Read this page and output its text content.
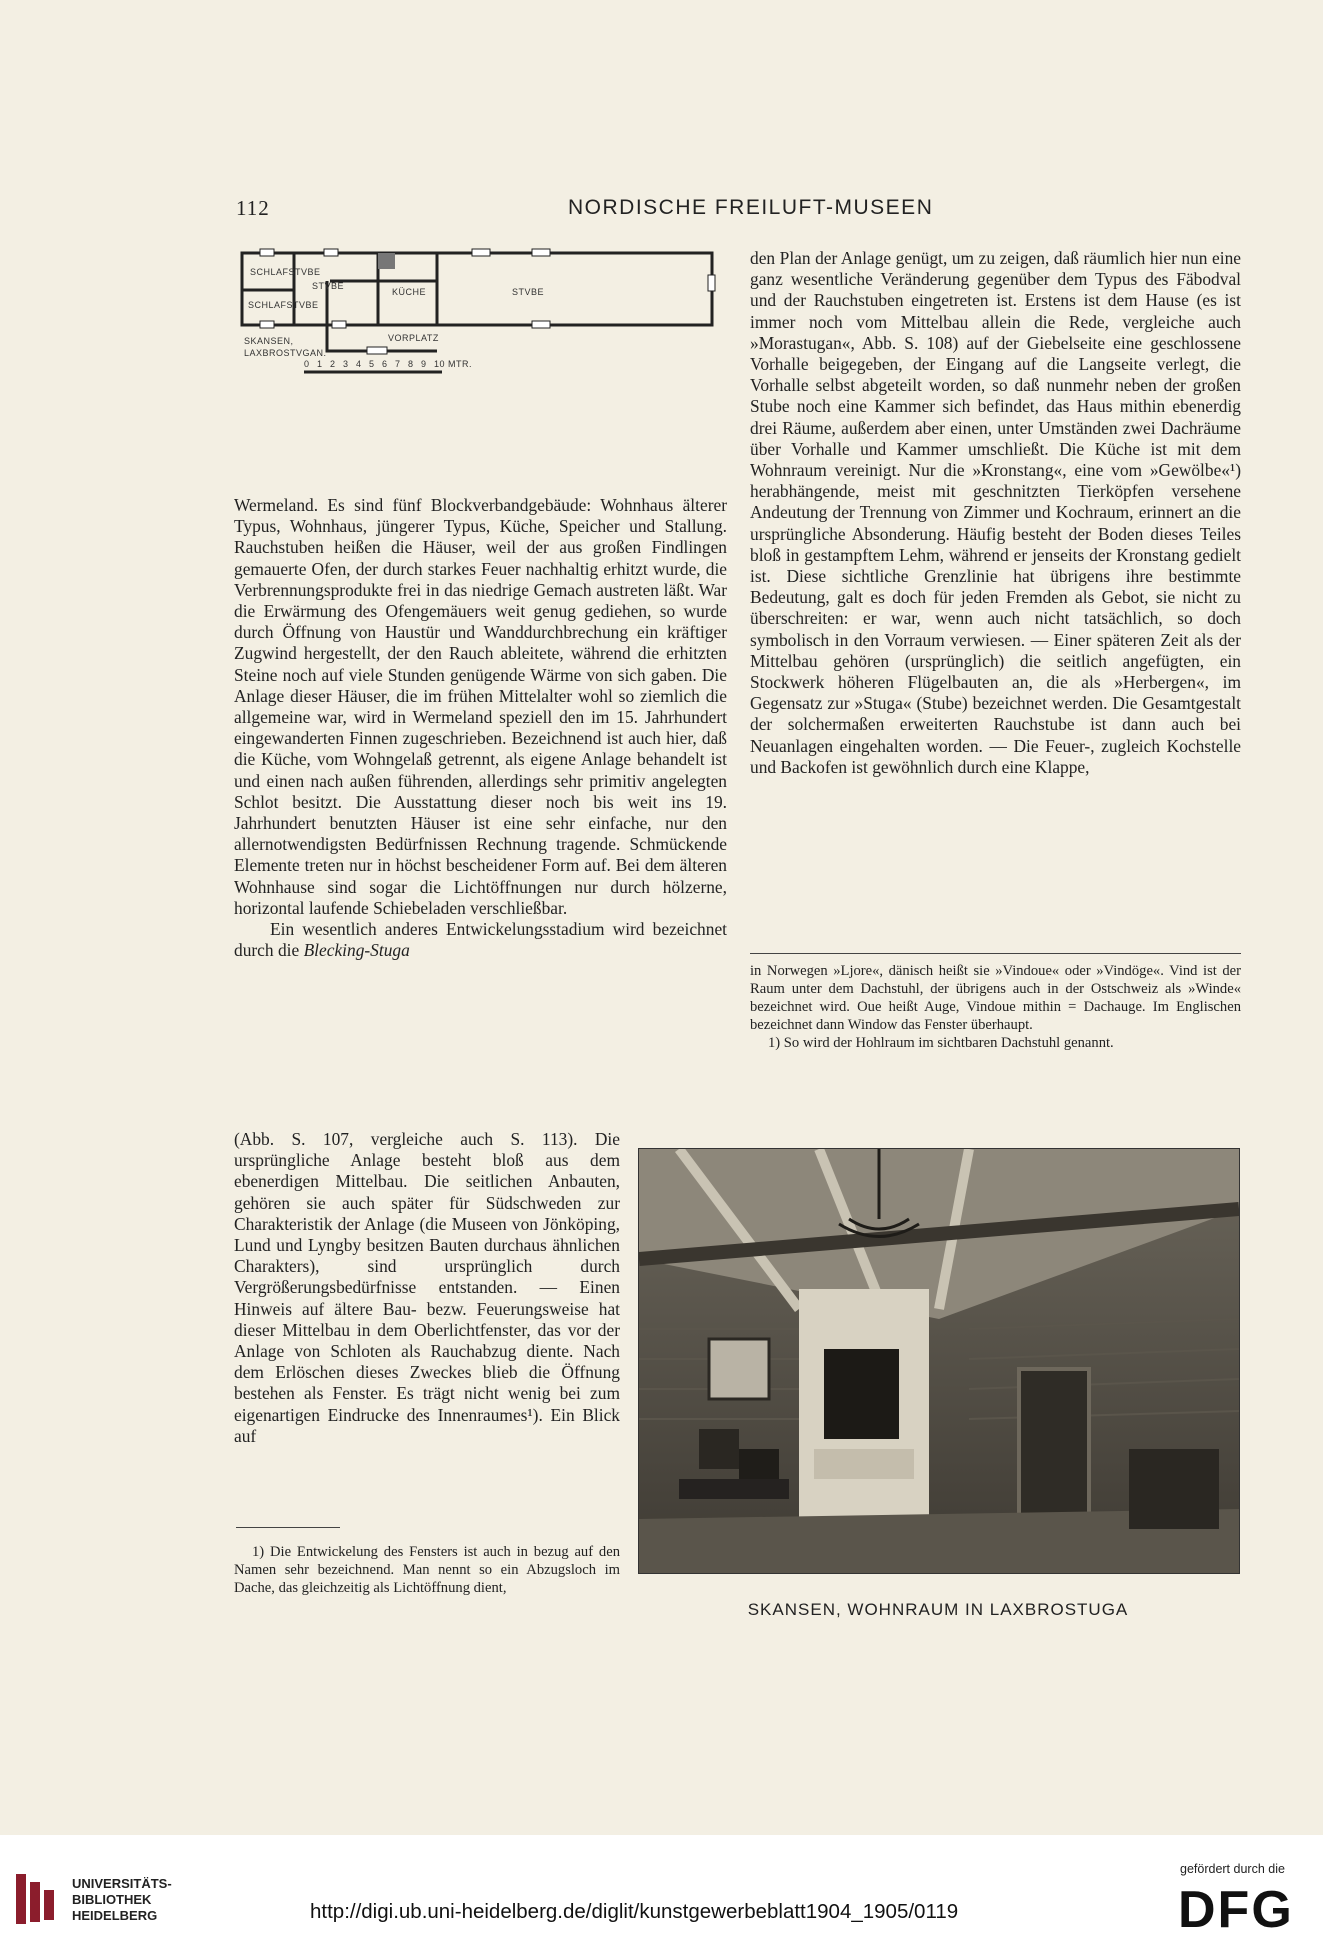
112	NORDISCHE FREILUFT-MUSEEN
SCHLAFSTVBE
SCHLAFSTVBE
STVBE
KÜCHE	STVBE
VORPLATZ
SKANSEN,
LAXBROSTVGAN.
0 1 2 3 4 5 6 7 8 9 10 MTR.

Wermeland. Es sind fünf Blockverbandgebäude: Wohnhaus älterer Typus, Wohnhaus, jüngerer Typus, Küche, Speicher und Stallung. Rauchstuben heißen die Häuser, weil der aus großen Findlingen gemauerte Ofen, der durch starkes Feuer nachhaltig erhitzt wurde, die Verbrennungsprodukte frei in das niedrige Gemach austreten läßt. War die Erwärmung des Ofengemäuers weit genug gediehen, so wurde durch Öffnung von Haustür und Wanddurchbrechung ein kräftiger Zugwind hergestellt, der den Rauch ableitete, während die erhitzten Steine noch auf viele Stunden genügende Wärme von sich gaben. Die Anlage dieser Häuser, die im frühen Mittelalter wohl so ziemlich die allgemeine war, wird in Wermeland speziell den im 15. Jahrhundert eingewanderten Finnen zugeschrieben. Bezeichnend ist auch hier, daß die Küche, vom Wohngelaß getrennt, als eigene Anlage behandelt ist und einen nach außen führenden, allerdings sehr primitiv angelegten Schlot besitzt. Die Ausstattung dieser noch bis weit ins 19. Jahrhundert benutzten Häuser ist eine sehr einfache, nur den allernotwendigsten Bedürfnissen Rechnung tragende. Schmückende Elemente treten nur in höchst bescheidener Form auf. Bei dem älteren Wohnhause sind sogar die Lichtöffnungen nur durch hölzerne, horizontal laufende Schiebeladen verschließbar.

Ein wesentlich anderes Entwickelungsstadium wird bezeichnet durch die Blecking-Stuga

(Abb. S. 107, vergleiche auch S. 113). Die ursprüngliche Anlage besteht bloß aus dem ebenerdigen Mittelbau. Die seitlichen Anbauten, gehören sie auch später für Südschweden zur Charakteristik der Anlage (die Museen von Jönköping, Lund und Lyngby besitzen Bauten durchaus ähnlichen Charakters), sind ursprünglich durch Vergrößerungsbedürfnisse entstanden. — Einen Hinweis auf ältere Bau- bezw. Feuerungsweise hat dieser Mittelbau in dem Oberlichtfenster, das vor der Anlage von Schloten als Rauchabzug diente. Nach dem Erlöschen dieses Zweckes blieb die Öffnung bestehen als Fenster. Es trägt nicht wenig bei zum eigenartigen Eindrucke des Innenraumes¹). Ein Blick auf

1) Die Entwickelung des Fensters ist auch in bezug auf den Namen sehr bezeichnend. Man nennt so ein Abzugsloch im Dache, das gleichzeitig als Lichtöffnung dient,

den Plan der Anlage genügt, um zu zeigen, daß räumlich hier nun eine ganz wesentliche Veränderung gegenüber dem Typus des Fäbodval und der Rauchstuben eingetreten ist. Erstens ist dem Hause (es ist immer noch vom Mittelbau allein die Rede, vergleiche auch »Morastugan«, Abb. S. 108) auf der Giebelseite eine geschlossene Vorhalle beigegeben, der Eingang auf die Langseite verlegt, die Vorhalle selbst abgeteilt worden, so daß nunmehr neben der großen Stube noch eine Kammer sich befindet, das Haus mithin ebenerdig drei Räume, außerdem aber einen, unter Umständen zwei Dachräume über Vorhalle und Kammer umschließt. Die Küche ist mit dem Wohnraum vereinigt. Nur die »Kronstang«, eine vom »Gewölbe«¹) herabhängende, meist mit geschnitzten Tierköpfen versehene Andeutung der Trennung von Zimmer und Kochraum, erinnert an die ursprüngliche Absonderung. Häufig besteht der Boden dieses Teiles bloß in gestampftem Lehm, während er jenseits der Kronstang gedielt ist. Diese sichtliche Grenzlinie hat übrigens ihre bestimmte Bedeutung, galt es doch für jeden Fremden als Gebot, sie nicht zu überschreiten: er war, wenn auch nicht tatsächlich, so doch symbolisch in den Vorraum verwiesen. — Einer späteren Zeit als der Mittelbau gehören (ursprünglich) die seitlich angefügten, ein Stockwerk höheren Flügelbauten an, die als »Herbergen«, im Gegensatz zur »Stuga« (Stube) bezeichnet werden. Die Gesamtgestalt der solchermaßen erweiterten Rauchstube ist dann auch bei Neuanlagen eingehalten worden. — Die Feuer-, zugleich Kochstelle und Backofen ist gewöhnlich durch eine Klappe,

in Norwegen »Ljore«, dänisch heißt sie »Vindoue« oder »Vindöge«. Vind ist der Raum unter dem Dachstuhl, der übrigens auch in der Ostschweiz als »Winde« bezeichnet wird. Oue heißt Auge, Vindoue mithin = Dachauge. Im Englischen bezeichnet dann Window das Fenster überhaupt.

1) So wird der Hohlraum im sichtbaren Dachstuhl genannt.

SKANSEN, WOHNRAUM IN LAXBROSTUGA
UNIVERSITÄTS-
BIBLIOTHEK
HEIDELBERG	http://digi.ub.uni-heidelberg.de/diglit/kunstgewerbeblatt1904_1905/0119
gefördert durch die
DFG
